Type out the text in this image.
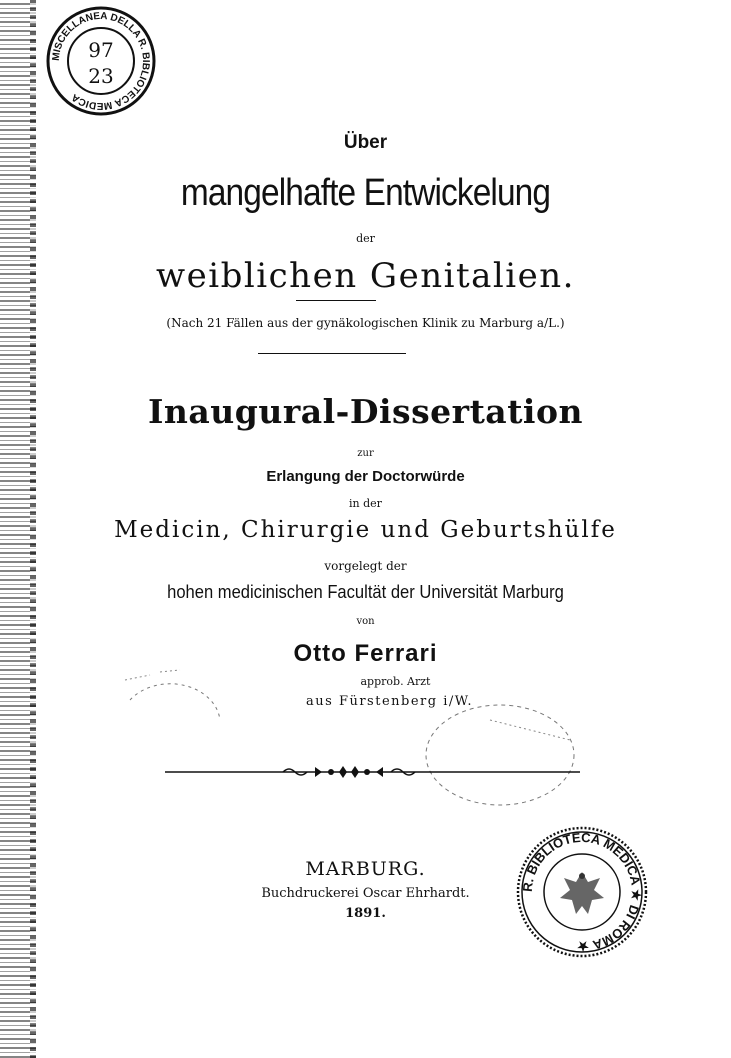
MISCELLANEA DELLA R. BIBLIOTECA MEDICA
97
23
Über
mangelhafte Entwickelung
der
weiblichen Genitalien.
(Nach 21 Fällen aus der gynäkologischen Klinik zu Marburg a/L.)
Inaugural-Dissertation
zur
Erlangung der Doctorwürde
in der
Medicin, Chirurgie und Geburtshülfe
vorgelegt der
hohen medicinischen Facultät der Universität Marburg
von
Otto Ferrari
approb. Arzt
aus Fürstenberg i/W.
MARBURG.
Buchdruckerei Oscar Ehrhardt.
1891.
R. BIBLIOTECA MEDICA ★ DI ROMA ★
